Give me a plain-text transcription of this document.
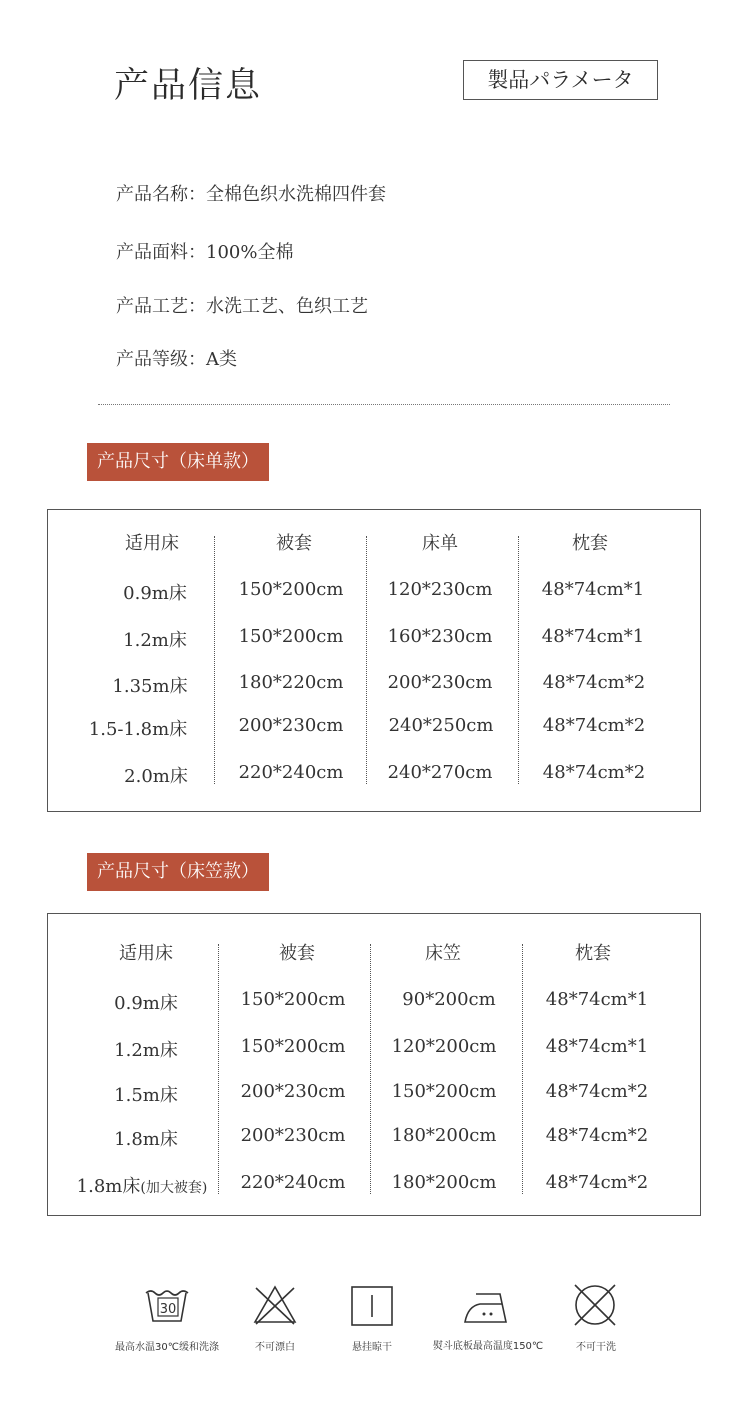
产品信息	製品パラメータ
产品名称：全棉色织水洗棉四件套
产品面料：100%全棉
产品工艺：水洗工艺、色织工艺
产品等级：A类
产品尺寸（床单款）
适用床	被套	床单	枕套
0.9m床	150*200cm 120*230cm	48*74cm*1
1.2m床	150*200cm 160*230cm	48*74cm*1
1.35m床	180*220cm 200*230cm	48*74cm*2
1.5-1.8m床	200*230cm	240*250cm	48*74cm*2
2.0m床	220*240cm 240*270cm	48*74cm*2
产品尺寸（床笠款）
适用床	被套	床笠	枕套
0.9m床	150*200cm	90*200cm	48*74cm*1
1.2m床	150*200cm	120*200cm	48*74cm*1
1.5m床	200*230cm	150*200cm	48*74cm*2
1.8m床	200*230cm	180*200cm	48*74cm*2
1.8m床(加大被套) 220*240cm	180*200cm	48*74cm*2
30
最高水温30℃缓和洗涤	不可漂白	悬挂晾干	熨斗底板最高温度150℃	不可干洗
